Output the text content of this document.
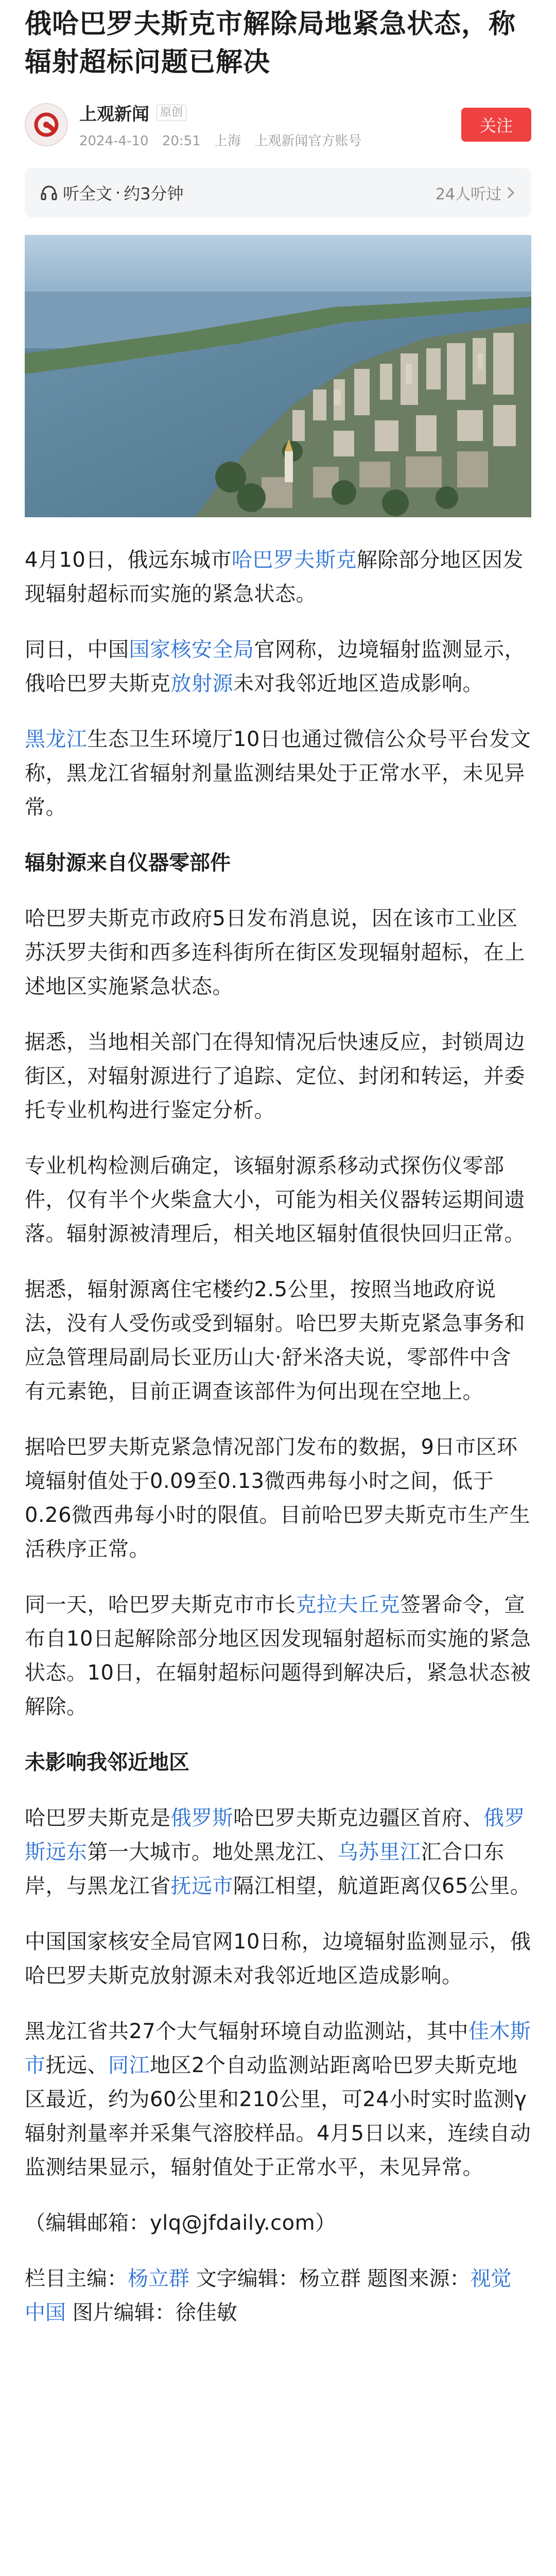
俄哈巴罗夫斯克市解除局地紧急状态，称辐射超标问题已解决
上观新闻 原创
2024-4-10 20:51 上海 上观新闻官方账号
关注
听全文 · 约3分钟	24人听过

4月10日，俄远东城市哈巴罗夫斯克解除部分地区因发现辐射超标而实施的紧急状态。

同日，中国国家核安全局官网称，边境辐射监测显示，俄哈巴罗夫斯克放射源未对我邻近地区造成影响。

黑龙江生态卫生环境厅10日也通过微信公众号平台发文称，黑龙江省辐射剂量监测结果处于正常水平，未见异常。

辐射源来自仪器零部件

哈巴罗夫斯克市政府5日发布消息说，因在该市工业区苏沃罗夫街和西多连科街所在街区发现辐射超标，在上述地区实施紧急状态。

据悉，当地相关部门在得知情况后快速反应，封锁周边街区，对辐射源进行了追踪、定位、封闭和转运，并委托专业机构进行鉴定分析。

专业机构检测后确定，该辐射源系移动式探伤仪零部件，仅有半个火柴盒大小，可能为相关仪器转运期间遗落。辐射源被清理后，相关地区辐射值很快回归正常。

据悉，辐射源离住宅楼约2.5公里，按照当地政府说法，没有人受伤或受到辐射。哈巴罗夫斯克紧急事务和应急管理局副局长亚历山大·舒米洛夫说，零部件中含有元素铯，目前正调查该部件为何出现在空地上。

据哈巴罗夫斯克紧急情况部门发布的数据，9日市区环境辐射值处于0.09至0.13微西弗每小时之间，低于0.26微西弗每小时的限值。目前哈巴罗夫斯克市生产生活秩序正常。

同一天，哈巴罗夫斯克市市长克拉夫丘克签署命令，宣布自10日起解除部分地区因发现辐射超标而实施的紧急状态。10日，在辐射超标问题得到解决后，紧急状态被解除。

未影响我邻近地区

哈巴罗夫斯克是俄罗斯哈巴罗夫斯克边疆区首府、俄罗斯远东第一大城市。地处黑龙江、乌苏里江汇合口东岸，与黑龙江省抚远市隔江相望，航道距离仅65公里。

中国国家核安全局官网10日称，边境辐射监测显示，俄哈巴罗夫斯克放射源未对我邻近地区造成影响。

黑龙江省共27个大气辐射环境自动监测站，其中佳木斯市抚远、同江地区2个自动监测站距离哈巴罗夫斯克地区最近，约为60公里和210公里，可24小时实时监测γ辐射剂量率并采集气溶胶样品。4月5日以来，连续自动监测结果显示，辐射值处于正常水平，未见异常。

（编辑邮箱：ylq@jfdaily.com）

栏目主编：杨立群 文字编辑：杨立群 题图来源：视觉中国 图片编辑：徐佳敏
